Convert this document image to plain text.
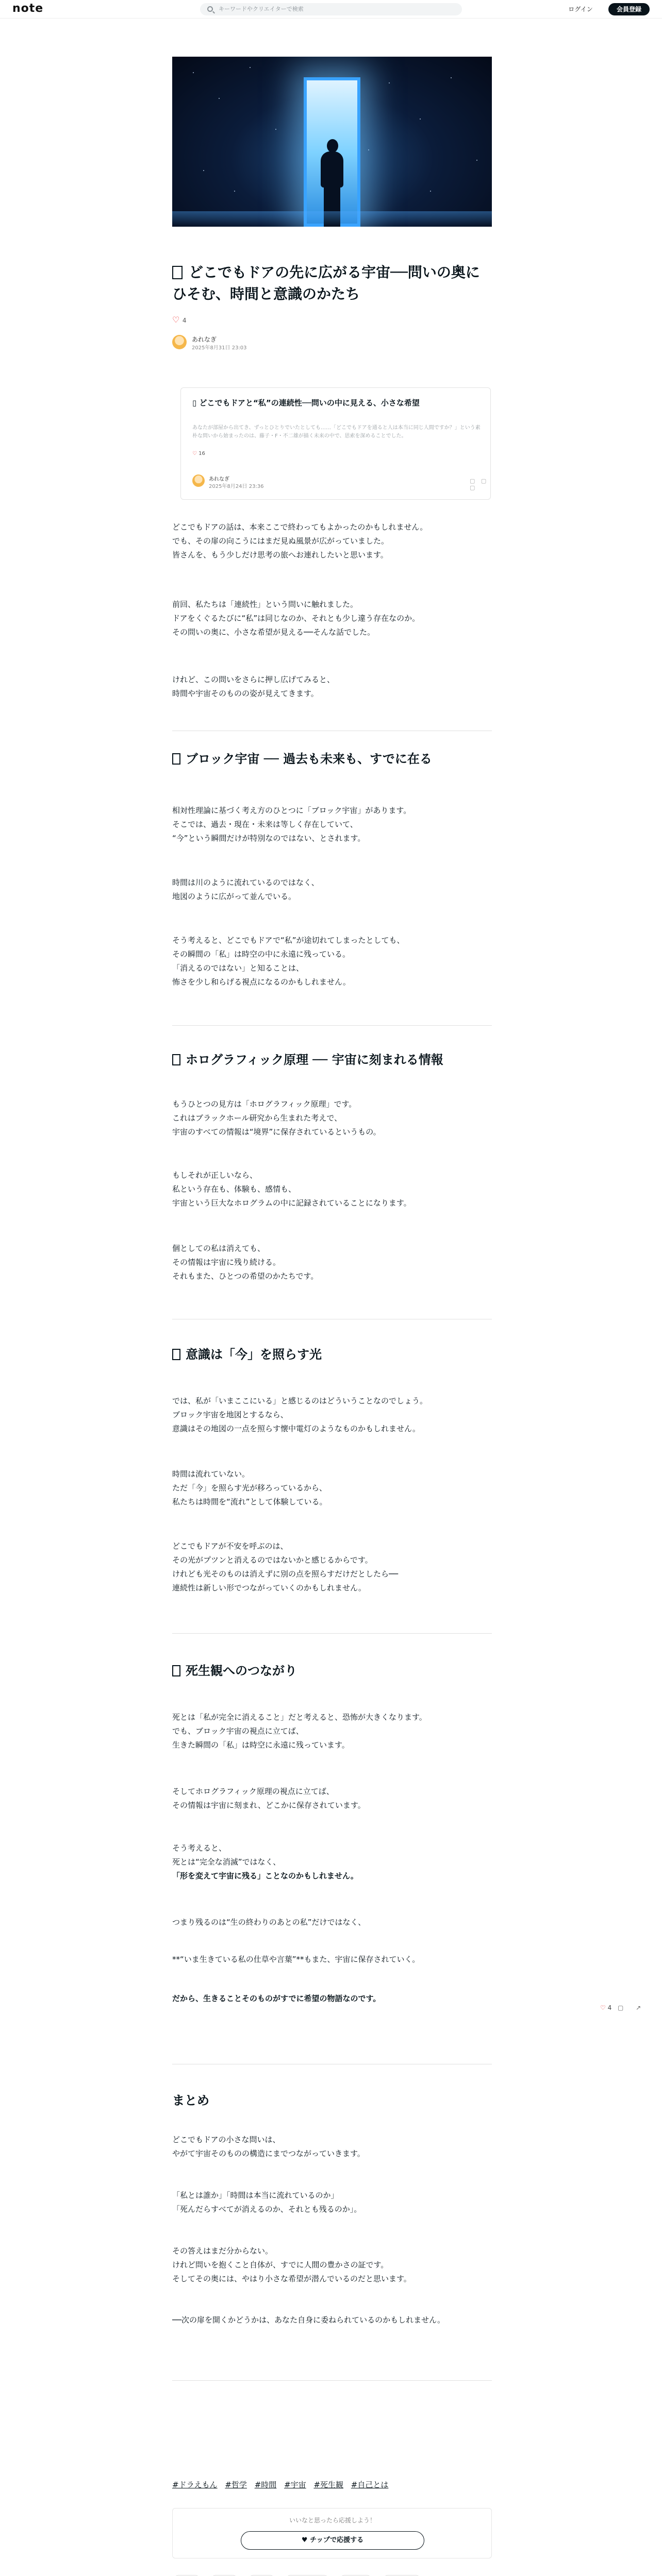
note	キーワードやクリエイターで検索	ログイン	会員登録
どこでもドアの先に広がる宇宙──問いの奥にひそむ、時間と意識のかたち
♡ 4
あれなぎ
2025年8月31日 23:03
▯ どこでもドアと“私”の連続性──問いの中に見える、小さな希望
あなたが部屋から出てき、ずっとひとりでいたとしても……「どこでもドアを通ると人は本当に同じ人間ですか？」という素朴な問いから始まったのは、藤子・F・不二雄が描く未来の中で、思索を深めることでした。
♡ 16
あれなぎ
2025年8月24日 23:36
▢ ▢ ▢
どこでもドアの話は、本来ここで終わってもよかったのかもしれません。
でも、その扉の向こうにはまだ見ぬ風景が広がっていました。
皆さんを、もう少しだけ思考の旅へお連れしたいと思います。
前回、私たちは「連続性」という問いに触れました。
ドアをくぐるたびに“私”は同じなのか、それとも少し違う存在なのか。
その問いの奥に、小さな希望が見える──そんな話でした。
けれど、この問いをさらに押し広げてみると、
時間や宇宙そのものの姿が見えてきます。
ブロック宇宙 ── 過去も未来も、すでに在る
相対性理論に基づく考え方のひとつに「ブロック宇宙」があります。
そこでは、過去・現在・未来は等しく存在していて、
“今”という瞬間だけが特別なのではない、とされます。
時間は川のように流れているのではなく、
地図のように広がって並んでいる。
そう考えると、どこでもドアで“私”が途切れてしまったとしても、
その瞬間の「私」は時空の中に永遠に残っている。
「消えるのではない」と知ることは、
怖さを少し和らげる視点になるのかもしれません。
ホログラフィック原理 ── 宇宙に刻まれる情報
もうひとつの見方は「ホログラフィック原理」です。
これはブラックホール研究から生まれた考えで、
宇宙のすべての情報は“境界”に保存されているというもの。
もしそれが正しいなら、
私という存在も、体験も、感情も、
宇宙という巨大なホログラムの中に記録されていることになります。
個としての私は消えても、
その情報は宇宙に残り続ける。
それもまた、ひとつの希望のかたちです。
意識は「今」を照らす光
では、私が「いまここにいる」と感じるのはどういうことなのでしょう。
ブロック宇宙を地図とするなら、
意識はその地図の一点を照らす懐中電灯のようなものかもしれません。
時間は流れていない。
ただ「今」を照らす光が移ろっているから、
私たちは時間を“流れ”として体験している。
どこでもドアが不安を呼ぶのは、
その光がプツンと消えるのではないかと感じるからです。
けれども光そのものは消えずに別の点を照らすだけだとしたら──
連続性は新しい形でつながっていくのかもしれません。
死生観へのつながり
死とは「私が完全に消えること」だと考えると、恐怖が大きくなります。
でも、ブロック宇宙の視点に立てば、
生きた瞬間の「私」は時空に永遠に残っています。
そしてホログラフィック原理の視点に立てば、
その情報は宇宙に刻まれ、どこかに保存されています。
そう考えると、
死とは“完全な消滅”ではなく、
「形を変えて宇宙に残る」ことなのかもしれません。
つまり残るのは“生の終わりのあとの私”だけではなく、
**“いま生きている私の仕草や言葉”**もまた、宇宙に保存されていく。
だから、生きることそのものがすでに希望の物語なのです。
♡ 4 ▢ ↗
まとめ
どこでもドアの小さな問いは、
やがて宇宙そのものの構造にまでつながっていきます。
「私とは誰か」「時間は本当に流れているのか」
「死んだらすべてが消えるのか、それとも残るのか」。
その答えはまだ分からない。
けれど問いを抱くこと自体が、すでに人間の豊かさの証です。
そしてその奥には、やはり小さな希望が潜んでいるのだと思います。
──次の扉を開くかどうかは、あなた自身に委ねられているのかもしれません。
#ドラえもん #哲学 #時間 #宇宙 #死生観 #自己とは
いいなと思ったら応援しよう！
♥ チップで応援する
